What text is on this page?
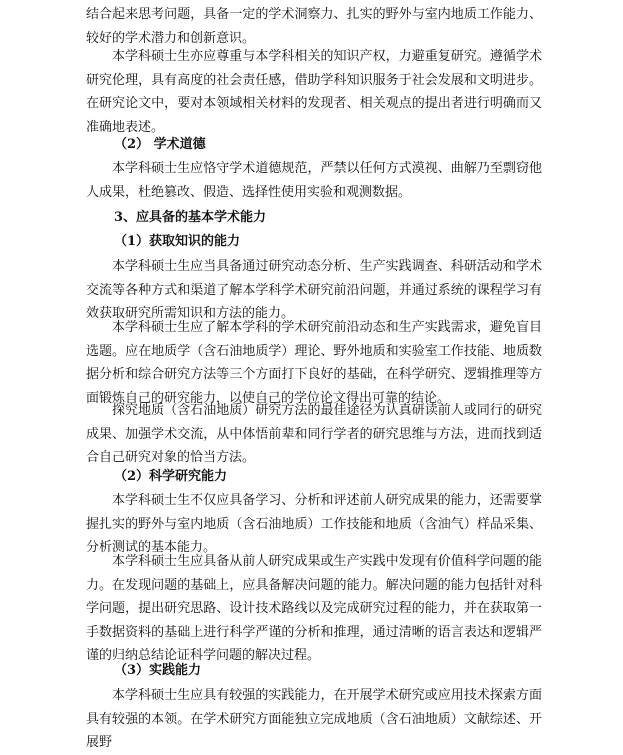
结合起来思考问题，具备一定的学术洞察力、扎实的野外与室内地质工作能力、较好的学术潜力和创新意识。

本学科硕士生亦应尊重与本学科相关的知识产权，力避重复研究。遵循学术研究伦理，具有高度的社会责任感，借助学科知识服务于社会发展和文明进步。在研究论文中，要对本领域相关材料的发现者、相关观点的提出者进行明确而又准确地表述。

（2） 学术道德

本学科硕士生应恪守学术道德规范，严禁以任何方式漠视、曲解乃至剽窃他人成果，杜绝篡改、假造、选择性使用实验和观测数据。

3、应具备的基本学术能力

（1）获取知识的能力

本学科硕士生应当具备通过研究动态分析、生产实践调查、科研活动和学术交流等各种方式和渠道了解本学科学术研究前沿问题，并通过系统的课程学习有效获取研究所需知识和方法的能力。

本学科硕士生应了解本学科的学术研究前沿动态和生产实践需求，避免盲目选题。应在地质学（含石油地质学）理论、野外地质和实验室工作技能、地质数据分析和综合研究方法等三个方面打下良好的基础，在科学研究、逻辑推理等方面锻炼自己的研究能力，以使自己的学位论文得出可靠的结论。

探究地质（含石油地质）研究方法的最佳途径为认真研读前人或同行的研究成果、加强学术交流，从中体悟前辈和同行学者的研究思维与方法，进而找到适合自己研究对象的恰当方法。

（2）科学研究能力

本学科硕士生不仅应具备学习、分析和评述前人研究成果的能力，还需要掌握扎实的野外与室内地质（含石油地质）工作技能和地质（含油气）样品采集、分析测试的基本能力。

本学科硕士生应具备从前人研究成果或生产实践中发现有价值科学问题的能力。在发现问题的基础上，应具备解决问题的能力。解决问题的能力包括针对科学问题，提出研究思路、设计技术路线以及完成研究过程的能力，并在获取第一手数据资料的基础上进行科学严谨的分析和推理，通过清晰的语言表达和逻辑严谨的归纳总结论证科学问题的解决过程。

（3）实践能力

本学科硕士生应具有较强的实践能力，在开展学术研究或应用技术探索方面具有较强的本领。在学术研究方面能独立完成地质（含石油地质）文献综述、开展野
